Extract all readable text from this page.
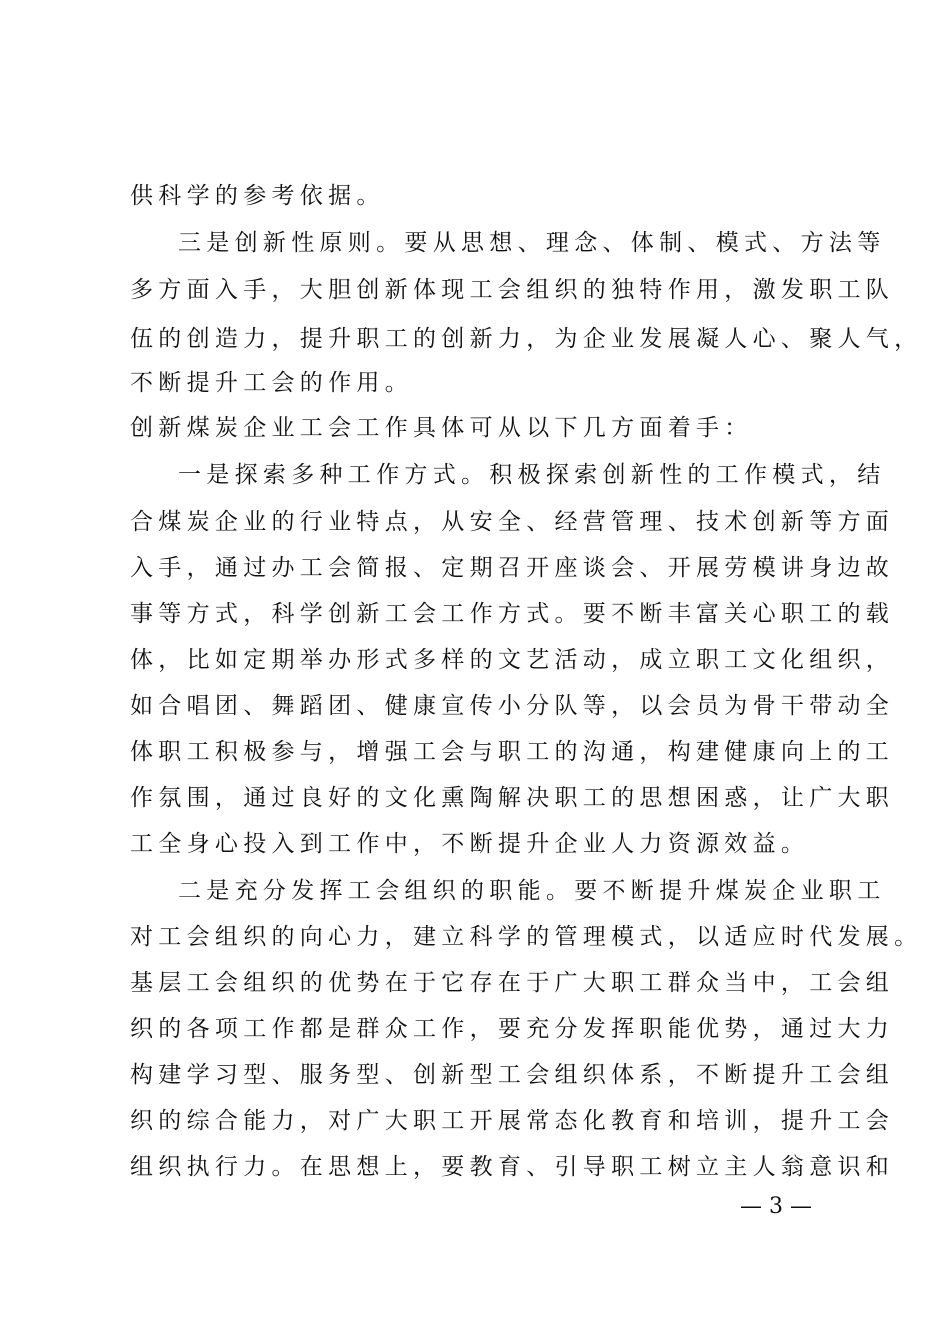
供科学的参考依据。
三是创新性原则。要从思想、理念、体制、模式、方法等
多方面入手，大胆创新体现工会组织的独特作用，激发职工队
伍的创造力，提升职工的创新力，为企业发展凝人心、聚人气，
不断提升工会的作用。
创新煤炭企业工会工作具体可从以下几方面着手：
一是探索多种工作方式。积极探索创新性的工作模式，结
合煤炭企业的行业特点，从安全、经营管理、技术创新等方面
入手，通过办工会简报、定期召开座谈会、开展劳模讲身边故
事等方式，科学创新工会工作方式。要不断丰富关心职工的载
体，比如定期举办形式多样的文艺活动，成立职工文化组织，
如合唱团、舞蹈团、健康宣传小分队等，以会员为骨干带动全
体职工积极参与，增强工会与职工的沟通，构建健康向上的工
作氛围，通过良好的文化熏陶解决职工的思想困惑，让广大职
工全身心投入到工作中，不断提升企业人力资源效益。
二是充分发挥工会组织的职能。要不断提升煤炭企业职工
对工会组织的向心力，建立科学的管理模式，以适应时代发展。
基层工会组织的优势在于它存在于广大职工群众当中，工会组
织的各项工作都是群众工作，要充分发挥职能优势，通过大力
构建学习型、服务型、创新型工会组织体系，不断提升工会组
织的综合能力，对广大职工开展常态化教育和培训，提升工会
组织执行力。在思想上，要教育、引导职工树立主人翁意识和
— 3 —
